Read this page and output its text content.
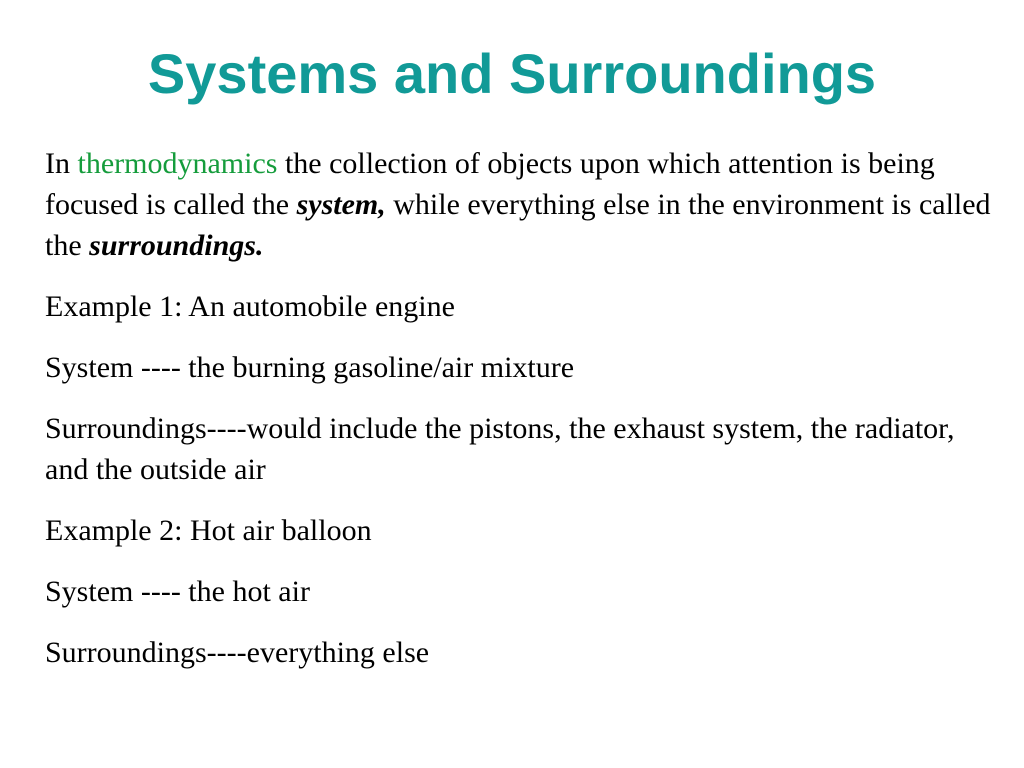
Systems and Surroundings

In thermodynamics the collection of objects upon which attention is being focused is called the system, while everything else in the environment is called the surroundings.

Example 1: An automobile engine

System ---- the burning gasoline/air mixture

Surroundings----would include the pistons, the exhaust system, the radiator, and the outside air

Example 2: Hot air balloon

System ---- the hot air

Surroundings----everything else
